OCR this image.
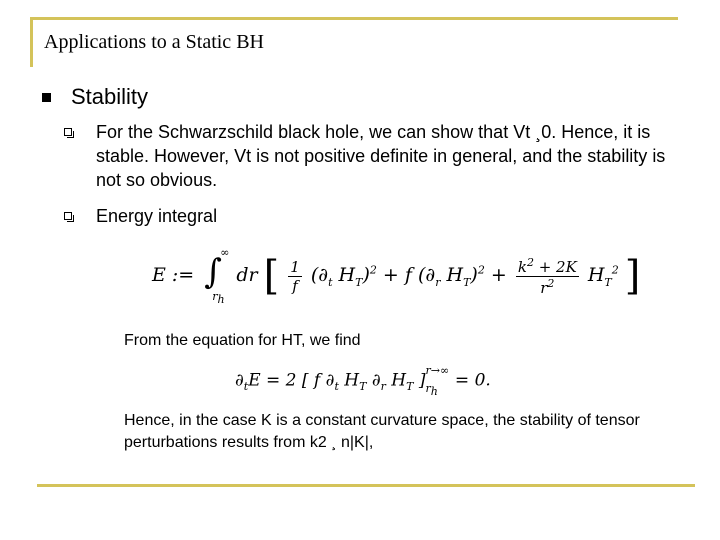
Applications to a Static BH
Stability
For the Schwarzschild black hole, we can show that Vt ¸0. Hence, it is stable. However, Vt is not positive definite in general, and the stability is not so obvious.
Energy integral
E := ∫
∞
rh
dr [ $\frac{1}{f} (\partial_t$ $H_T)^2 + f$ ($\partial_r$ $H_T)^2 + \frac{k^2 + 2K}{r^2} H_T^2$ ]
From the equation for HT, we find
$\partial_tE = 2$ [ f $\partial_t$ $H_T$ $\partial_r$ $H_T$ ] r→∞
rh
= 0.
Hence, in the case K is a constant curvature space, the stability of tensor perturbations results from k2 ¸ n|K|,
